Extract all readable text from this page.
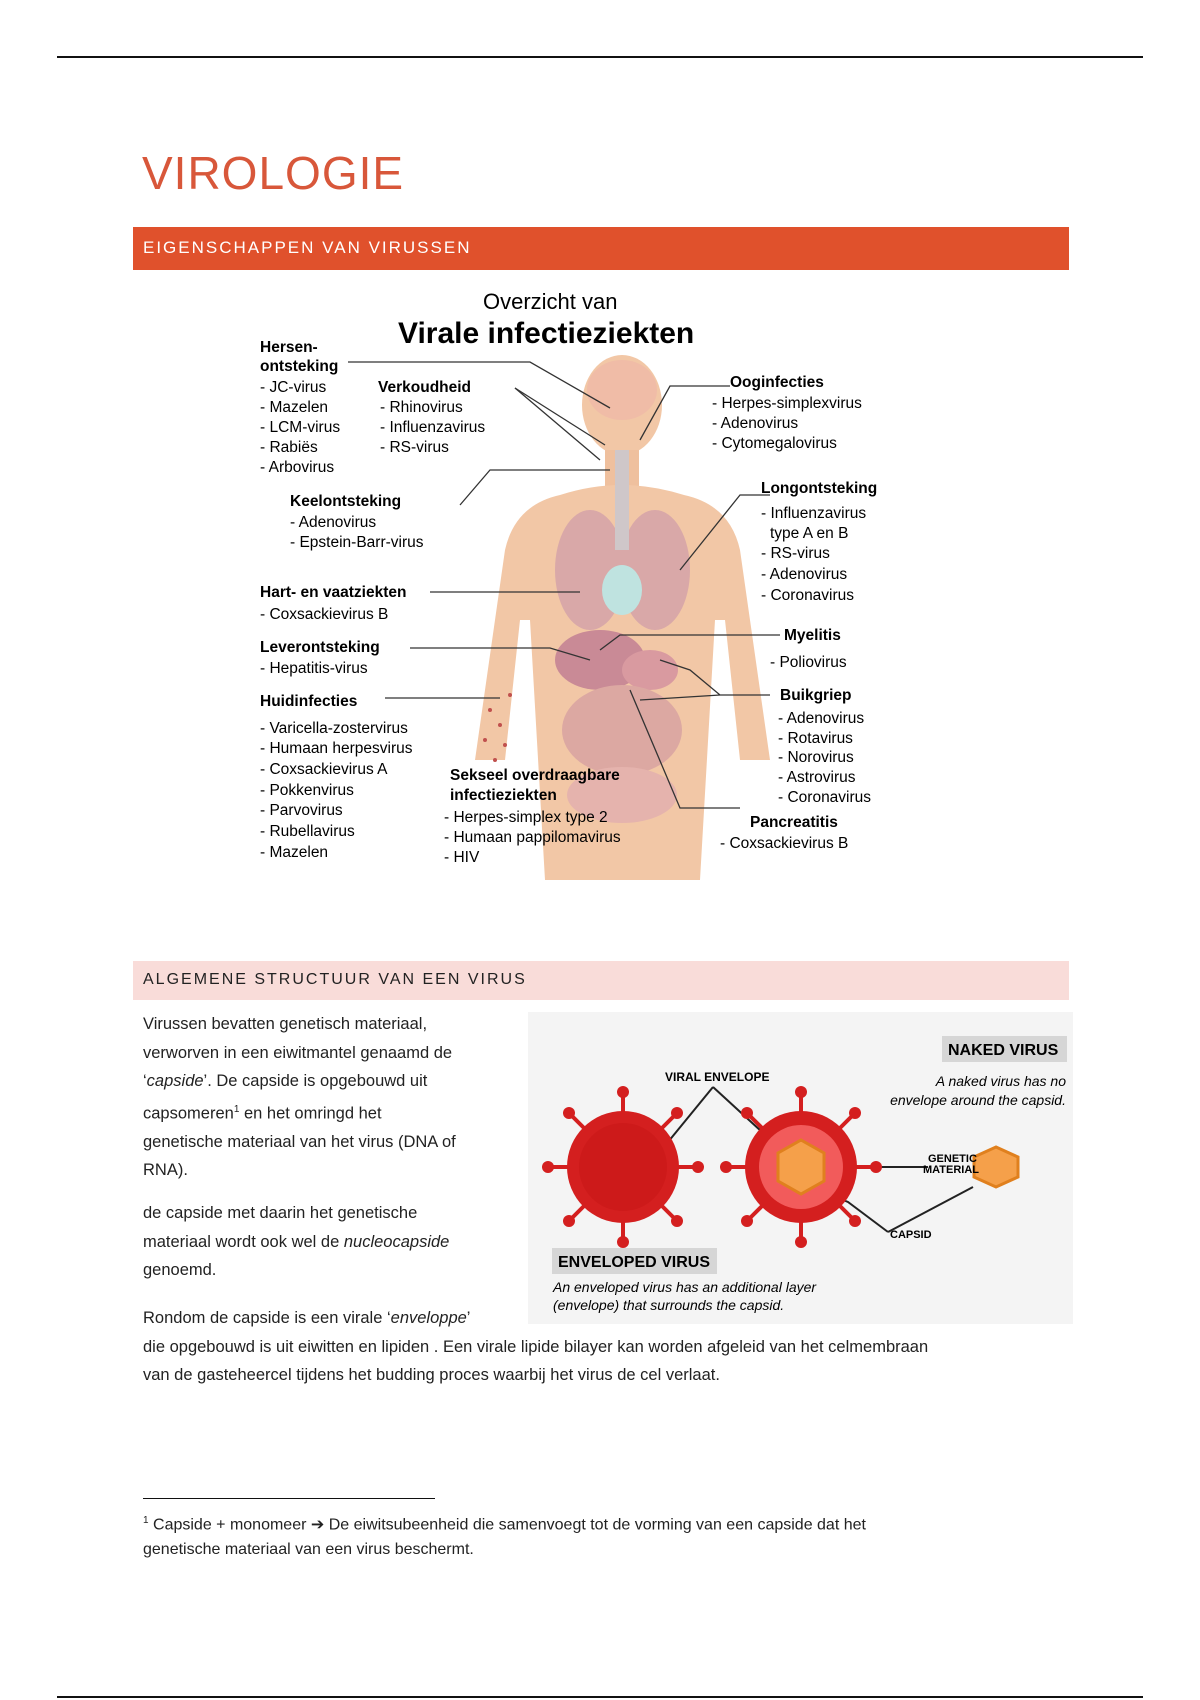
VIROLOGIE
EIGENSCHAPPEN VAN VIRUSSEN
Overzicht van
Virale infectieziekten
Hersen-
ontsteking
- JC-virus
- Mazelen
- LCM-virus
- Rabiës
- Arbovirus
Verkoudheid
- Rhinovirus
- Influenzavirus
- RS-virus
Ooginfecties
- Herpes-simplexvirus
- Adenovirus
- Cytomegalovirus
Keelontsteking
- Adenovirus
- Epstein-Barr-virus
Longontsteking
- Influenzavirus
type A en B
- RS-virus
- Adenovirus
- Coronavirus
Hart- en vaatziekten
- Coxsackievirus B
Myelitis
- Poliovirus
Leverontsteking
- Hepatitis-virus
Buikgriep
- Adenovirus
- Rotavirus
- Norovirus
- Astrovirus
- Coronavirus
Huidinfecties
- Varicella-zostervirus
- Humaan herpesvirus
- Coxsackievirus A
- Pokkenvirus
- Parvovirus
- Rubellavirus
- Mazelen
Sekseel overdraagbare
infectieziekten
- Herpes-simplex type 2
- Humaan pappilomavirus
- HIV
Pancreatitis
- Coxsackievirus B
ALGEMENE STRUCTUUR VAN EEN VIRUS

Virussen bevatten genetisch materiaal,
verworven in een eiwitmantel genaamd de
‘capside’. De capside is opgebouwd uit
capsomeren$^1$ en het omringd het
genetische materiaal van het virus (DNA of
RNA).

de capside met daarin het genetische
materiaal wordt ook wel de nucleocapside
genoemd.

Rondom de capside is een virale ‘enveloppe’
die opgebouwd is uit eiwitten en lipiden . Een virale lipide bilayer kan worden afgeleid van het celmembraan
van de gasteheercel tijdens het budding proces waarbij het virus de cel verlaat.

NAKED VIRUS
A naked virus has no
envelope around the capsid.
VIRAL ENVELOPE
GENETIC
MATERIAL
CAPSID
ENVELOPED VIRUS
An enveloped virus has an additional layer
(envelope) that surrounds the capsid.

$^1$ Capside + monomeer ➔ De eiwitsubeenheid die samenvoegt tot de vorming van een capside dat het
genetische materiaal van een virus beschermt.
